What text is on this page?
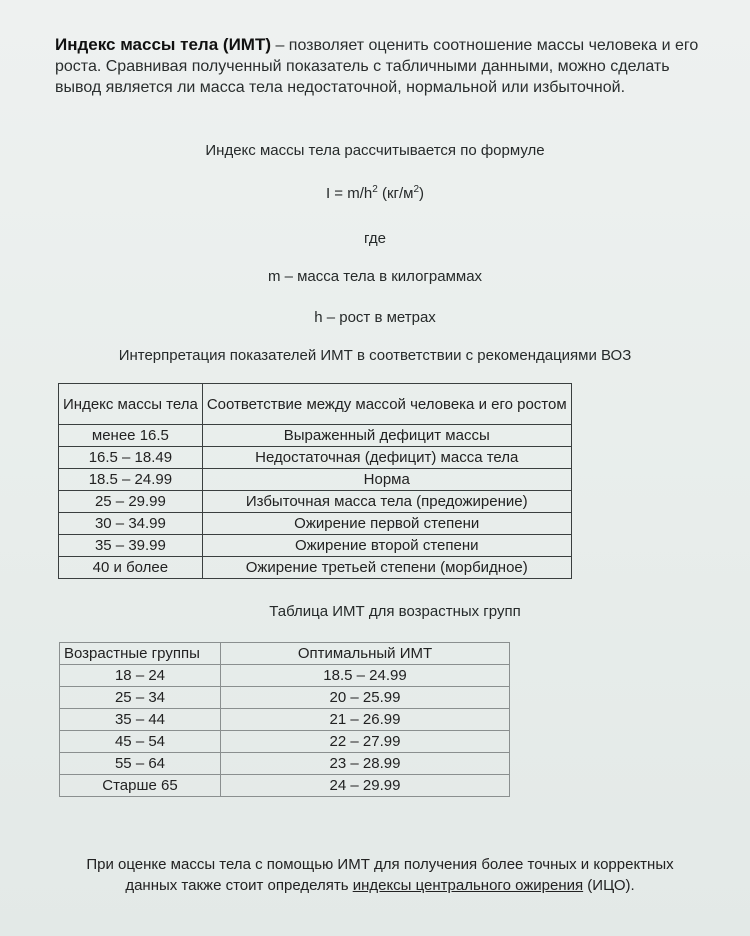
Индекс массы тела (ИМТ) – позволяет оценить соотношение массы человека и его роста. Сравнивая полученный показатель с табличными данными, можно сделать вывод является ли масса тела недостаточной, нормальной или избыточной.
Индекс массы тела рассчитывается по формуле
$I = m/h^2$ $(кг/м^2)$
где
m – масса тела в килограммах
h – рост в метрах
Интерпретация показателей ИМТ в соответствии с рекомендациями ВОЗ
Индекс массы тела	Соответствие между массой человека и его ростом
менее 16.5	Выраженный дефицит массы
16.5 – 18.49	Недостаточная (дефицит) масса тела
18.5 – 24.99	Норма
25 – 29.99	Избыточная масса тела (предожирение)
30 – 34.99	Ожирение первой степени
35 – 39.99	Ожирение второй степени
40 и более	Ожирение третьей степени (морбидное)
Таблица ИМТ для возрастных групп
Возрастные группы	Оптимальный ИМТ
18 – 24	18.5 – 24.99
25 – 34	20 – 25.99
35 – 44	21 – 26.99
45 – 54	22 – 27.99
55 – 64	23 – 28.99
Старше 65	24 – 29.99
При оценке массы тела с помощью ИМТ для получения более точных и корректных данных также стоит определять индексы центрального ожирения (ИЦО).
